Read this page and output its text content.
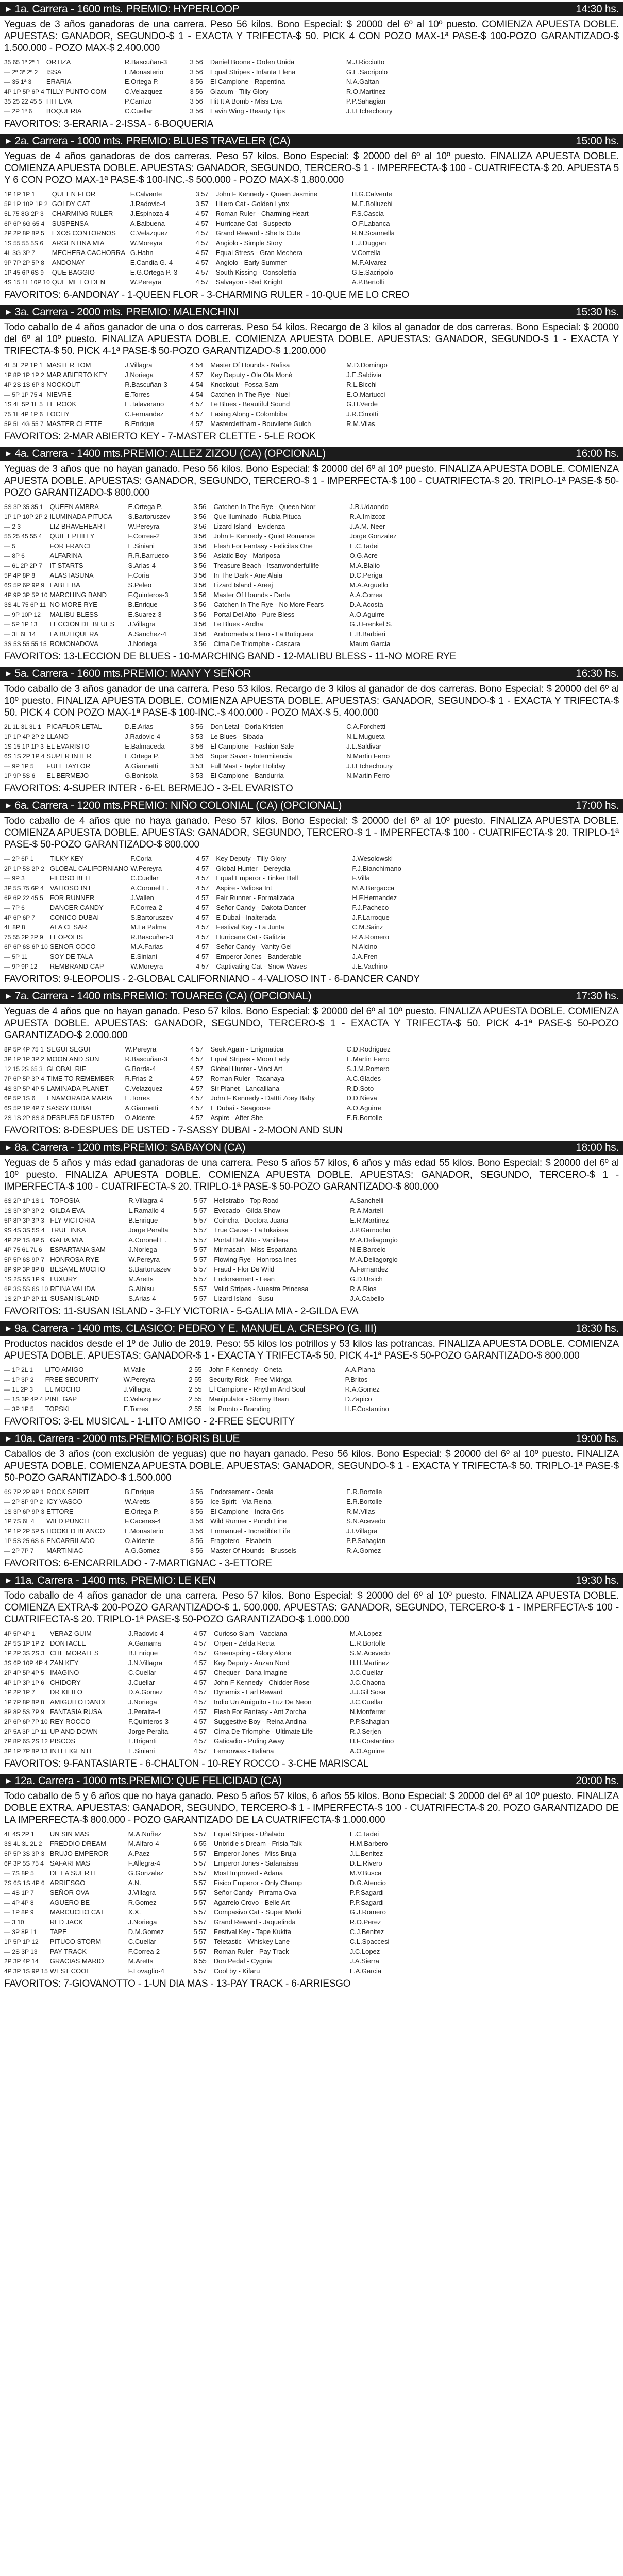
► 1a. Carrera - 1600 mts. PREMIO: HYPERLOOP	14:30 hs.

Yeguas de 3 años ganadoras de una carrera. Peso 56 kilos. Bono Especial: $ 20000 del 6º al 10º puesto. COMIENZA APUESTA DOBLE. APUESTAS: GANADOR, SEGUNDO-$ 1 - EXACTA Y TRIFECTA-$ 50. PICK 4 CON POZO MAX-1ª PASE-$ 100-POZO GARANTIZADO-$ 1.500.000 - POZO MAX-$ 2.400.000

35 65 1ª 2ª 1	ORTIZA	R.Bascuñan-3	3 56	Daniel Boone - Orden Unida	M.J.Ricciutto
— 2ª 3ª 2ª 2	ISSA	L.Monasterio	3 56	Equal Stripes - Infanta Elena	G.E.Sacripolo
— 35 1ª 3	ERARIA	E.Ortega P.	3 56	El Campione - Rapentina	N.A.Galtan
4P 1P 5P 6P 4	TILLY PUNTO COM	C.Velazquez	3 56	Giacum - Tilly Glory	R.O.Martinez
35 25 22 45 5	HIT EVA	P.Carrizo	3 56	Hit It A Bomb - Miss Eva	P.P.Sahagian
— 2P 1ª 6	BOQUERIA	C.Cuellar	3 56	Eavin Wing - Beauty Tips	J.I.Etchechoury
FAVORITOS: 3-ERARIA - 2-ISSA - 6-BOQUERIA
► 2a. Carrera - 1000 mts. PREMIO: BLUES TRAVELER (CA)	15:00 hs.

Yeguas de 4 años ganadoras de dos carreras. Peso 57 kilos. Bono Especial: $ 20000 del 6º al 10º puesto. FINALIZA APUESTA DOBLE. COMIENZA APUESTA DOBLE. APUESTAS: GANADOR, SEGUNDO, TERCERO-$ 1 - IMPERFECTA-$ 100 - CUATRIFECTA-$ 20. APUESTA 5 Y 6 CON POZO MAX-1ª PASE-$ 100-INC.-$ 500.000 - POZO MAX-$ 1.800.000

1P 1P 1P 1	QUEEN FLOR	F.Calvente	3 57	John F Kennedy - Queen Jasmine	H.G.Calvente
5P 1P 10P 1P 2	GOLDY CAT	J.Radovic-4	3 57	Hilero Cat - Golden Lynx	M.E.Bolluzchi
5L 75 8G 2P 3	CHARMING RULER	J.Espinoza-4	4 57	Roman Ruler - Charming Heart	F.S.Cascia
6P 6P 6G 65 4	SUSPENSA	A.Balbuena	4 57	Hurricane Cat - Suspecto	O.F.Labanca
2P 2P 8P 8P 5	EXOS CONTORNOS	C.Velazquez	4 57	Grand Reward - She Is Cute	R.N.Scannella
1S 55 55 5S 6	ARGENTINA MIA	W.Moreyra	4 57	Angiolo - Simple Story	L.J.Duggan
4L 3G 3P 7	MECHERA CACHORRA	G.Hahn	4 57	Equal Stress - Gran Mechera	V.Cortella
9P 7P 2P 5P 8	ANDONAY	E.Candia G.-4	4 57	Angiolo - Early Summer	M.F.Alvarez
1P 45 6P 6S 9	QUE BAGGIO	E.G.Ortega P.-3	4 57	South Kissing - Consolettia	G.E.Sacripolo
4S 15 1L 10P 10	QUE ME LO DEN	W.Pereyra	4 57	Salvayon - Red Knight	A.P.Bertolli
FAVORITOS: 6-ANDONAY - 1-QUEEN FLOR - 3-CHARMING RULER - 10-QUE ME LO CREO
► 3a. Carrera - 2000 mts. PREMIO: MALENCHINI	15:30 hs.

Todo caballo de 4 años ganador de una o dos carreras. Peso 54 kilos. Recargo de 3 kilos al ganador de dos carreras. Bono Especial: $ 20000 del 6º al 10º puesto. FINALIZA APUESTA DOBLE. COMIENZA APUESTA DOBLE. APUESTAS: GANADOR, SEGUNDO-$ 1 - EXACTA Y TRIFECTA-$ 50. PICK 4-1ª PASE-$ 50-POZO GARANTIZADO-$ 1.200.000

4L 5L 2P 1P 1	MASTER TOM	J.Villagra	4 54	Master Of Hounds - Nafisa	M.D.Domingo
1P 8P 1P 1P 2	MAR ABIERTO KEY	J.Noriega	4 57	Key Deputy - Ola Ola Moné	J.E.Saldivia
4P 2S 1S 6P 3	NOCKOUT	R.Bascuñan-3	4 54	Knockout - Fossa Sam	R.L.Bicchi
— 5P 1P 75 4	NIEVRE	E.Torres	4 54	Catchen In The Rye - Nuel	E.O.Martucci
1S 4L 5P 1L 5	LE ROOK	E.Talaverano	4 57	Le Blues - Beautiful Sound	G.H.Verde
75 1L 4P 1P 6	LOCHY	C.Fernandez	4 57	Easing Along - Colombiba	J.R.Cirrotti
5P 5L 4G 55 7	MASTER CLETTE	B.Enrique	4 57	Masterclettham - Bouvilette Gulch	R.M.Vilas
FAVORITOS: 2-MAR ABIERTO KEY - 7-MASTER CLETTE - 5-LE ROOK
► 4a. Carrera - 1400 mts.PREMIO: ALLEZ ZIZOU (CA) (OPCIONAL)	16:00 hs.

Yeguas de 3 años que no hayan ganado. Peso 56 kilos. Bono Especial: $ 20000 del 6º al 10º puesto. FINALIZA APUESTA DOBLE. COMIENZA APUESTA DOBLE. APUESTAS: GANADOR, SEGUNDO, TERCERO-$ 1 - IMPERFECTA-$ 100 - CUATRIFECTA-$ 20. TRIPLO-1ª PASE-$ 50-POZO GARANTIZADO-$ 800.000

5S 3P 35 35 1	QUEEN AMBRA	E.Ortega P.	3 56	Catchen In The Rye - Queen Noor	J.B.Udaondo
1P 1P 10P 2P 2	ILUMINADA PITUCA	S.Bartoruszev	3 56	Que Iluminado - Rubia Pituca	R.A.Imizcoz
— 2 3	LIZ BRAVEHEART	W.Pereyra	3 56	Lizard Island - Evidenza	J.A.M. Neer
55 25 45 55 4	QUIET PHILLY	F.Correa-2	3 56	John F Kennedy - Quiet Romance	Jorge Gonzalez
— 5	FOR FRANCE	E.Siniani	3 56	Flesh For Fantasy - Felicitas One	E.C.Tadei
— 8P 6	ALFARINA	R.R.Barrueco	3 56	Asiatic Boy - Mariposa	O.G.Acre
— 6L 2P 2P 7	IT STARTS	S.Arias-4	3 56	Treasure Beach - Itsanwonderfullife	M.A.Blalio
5P 4P 8P 8	ALASTASUNA	F.Coria	3 56	In The Dark - Ane Alaia	D.C.Periga
6S 5P 6P 9P 9	LABEEBA	S.Peleo	3 56	Lizard Island - Areej	M.A.Arguello
4P 9P 3P 5P 10	MARCHING BAND	F.Quinteros-3	3 56	Master Of Hounds - Darla	A.A.Correa
3S 4L 75 6P 11	NO MORE RYE	B.Enrique	3 56	Catchen In The Rye - No More Fears	D.A.Acosta
— 9P 10P 12	MALIBU BLESS	E.Suarez-3	3 56	Portal Del Alto - Pure Bless	A.O.Aguirre
— 5P 1P 13	LECCION DE BLUES	J.Villagra	3 56	Le Blues - Ardha	G.J.Frenkel S.
— 3L 6L 14	LA BUTIQUERA	A.Sanchez-4	3 56	Andromeda s Hero - La Butiquera	E.B.Barbieri
3S 5S 55 55 15	ROMONADOVA	J.Noriega	3 56	Cima De Triomphe - Cascara	Mauro Garcia
FAVORITOS: 13-LECCION DE BLUES - 10-MARCHING BAND - 12-MALIBU BLESS - 11-NO MORE RYE
► 5a. Carrera - 1600 mts.PREMIO: MANY Y SEÑOR	16:30 hs.

Todo caballo de 3 años ganador de una carrera. Peso 53 kilos. Recargo de 3 kilos al ganador de dos carreras. Bono Especial: $ 20000 del 6º al 10º puesto. FINALIZA APUESTA DOBLE. COMIENZA APUESTA DOBLE. APUESTAS: GANADOR, SEGUNDO-$ 1 - EXACTA Y TRIFECTA-$ 50. PICK 4 CON POZO MAX-1ª PASE-$ 100-INC.-$ 400.000 - POZO MAX-$ 5. 400.000

2L 1L 3L 3L 1	PICAFLOR LETAL	D.E.Arias	3 56	Don Letal - Dorla Kristen	C.A.Forchetti
1P 1P 4P 2P 2	LLANO	J.Radovic-4	3 53	Le Blues - Sibada	N.L.Mugueta
1S 15 1P 1P 3	EL EVARISTO	E.Balmaceda	3 56	El Campione - Fashion Sale	J.L.Saldivar
6S 1S 2P 1P 4	SUPER INTER	E.Ortega P.	3 56	Super Saver - Intermitencia	N.Martin Ferro
— 9P 1P 5	FULL TAYLOR	A.Giannetti	3 53	Full Mast - Taylor Holiday	J.I.Etchechoury
1P 9P 5S 6	EL BERMEJO	G.Bonisola	3 53	El Campione - Bandurria	N.Martin Ferro
FAVORITOS: 4-SUPER INTER - 6-EL BERMEJO - 3-EL EVARISTO
► 6a. Carrera - 1200 mts.PREMIO: NIÑO COLONIAL (CA) (OPCIONAL)	17:00 hs.

Todo caballo de 4 años que no haya ganado. Peso 57 kilos. Bono Especial: $ 20000 del 6º al 10º puesto. FINALIZA APUESTA DOBLE. COMIENZA APUESTA DOBLE. APUESTAS: GANADOR, SEGUNDO, TERCERO-$ 1 - IMPERFECTA-$ 100 - CUATRIFECTA-$ 20. TRIPLO-1ª PASE-$ 50-POZO GARANTIZADO-$ 800.000

— 2P 6P 1	TILKY KEY	F.Coria	4 57	Key Deputy - Tilly Glory	J.Wesolowski
2P 1P 5S 2P 2	GLOBAL CALIFORNIANO	W.Pereyra	4 57	Global Hunter - Dereydia	F.J.Bianchimano
— 9P 3	FILOSO BELL	C.Cuellar	4 57	Equal Emperor - Tinker Bell	F.Villa
3P 5S 75 6P 4	VALIOSO INT	A.Coronel E.	4 57	Aspire - Valiosa Int	M.A.Bergacca
6P 6P 22 45 5	FOR RUNNER	J.Vallen	4 57	Fair Runner - Formalizada	H.F.Hernandez
— 7P 6	DANCER CANDY	F.Correa-2	4 57	Señor Candy - Dakota Dancer	F.J.Pacheco
4P 6P 6P 7	CONICO DUBAI	S.Bartoruszev	4 57	E Dubai - Inalterada	J.F.Larroque
4L 8P 8	ALA CESAR	M.La Palma	4 57	Festival Key - La Junta	C.M.Sainz
75 55 2P 2P 9	LEOPOLIS	R.Bascuñan-3	4 57	Hurricane Cat - Galitzia	R.A.Romero
6P 6P 6S 6P 10	SENOR COCO	M.A.Farias	4 57	Señor Candy - Vanity Gel	N.Alcino
— 5P 11	SOY DE TALA	E.Siniani	4 57	Emperor Jones - Banderable	J.A.Fren
— 9P 9P 12	REMBRAND CAP	W.Moreyra	4 57	Captivating Cat - Snow Waves	J.E.Vachino
FAVORITOS: 9-LEOPOLIS - 2-GLOBAL CALIFORNIANO - 4-VALIOSO INT - 6-DANCER CANDY
► 7a. Carrera - 1400 mts.PREMIO: TOUAREG (CA) (OPCIONAL)	17:30 hs.

Yeguas de 4 años que no hayan ganado. Peso 57 kilos. Bono Especial: $ 20000 del 6º al 10º puesto. FINALIZA APUESTA DOBLE. COMIENZA APUESTA DOBLE. APUESTAS: GANADOR, SEGUNDO, TERCERO-$ 1 - EXACTA Y TRIFECTA-$ 50. PICK 4-1ª PASE-$ 50-POZO GARANTIZADO-$ 2.000.000

8P 5P 4P 75 1	SEGUI SEGUI	W.Pereyra	4 57	Seek Again - Enigmatica	C.D.Rodriguez
3P 1P 1P 3P 2	MOON AND SUN	R.Bascuñan-3	4 57	Equal Stripes - Moon Lady	E.Martin Ferro
12 15 2S 65 3	GLOBAL RIF	G.Borda-4	4 57	Global Hunter - Vinci Art	S.J.M.Romero
7P 6P 5P 3P 4	TIME TO REMEMBER	R.Frias-2	4 57	Roman Ruler - Tacanaya	A.C.Glades
4S 3P 5P 4P 5	LAMINADA PLANET	C.Velazquez	4 57	Sir Planet - Lancalliana	R.D.Soto
6P 5P 1S 6	ENAMORADA MARIA	E.Torres	4 57	John F Kennedy - Dattti Zoey Baby	D.D.Nieva
6S 5P 1P 4P 7	SASSY DUBAI	A.Giannetti	4 57	E Dubai - Seagoose	A.O.Aguirre
2S 1S 2P 8S 8	DESPUES DE USTED	O.Aldente	4 57	Aspire - After She	E.R.Bortolle
FAVORITOS: 8-DESPUES DE USTED - 7-SASSY DUBAI - 2-MOON AND SUN
► 8a. Carrera - 1200 mts.PREMIO: SABAYON (CA)	18:00 hs.

Yeguas de 5 años y más edad ganadoras de una carrera. Peso 5 años 57 kilos, 6 años y más edad 55 kilos. Bono Especial: $ 20000 del 6º al 10º puesto. FINALIZA APUESTA DOBLE. COMIENZA APUESTA DOBLE. APUESTAS: GANADOR, SEGUNDO, TERCERO-$ 1 - IMPERFECTA-$ 100 - CUATRIFECTA-$ 20. TRIPLO-1ª PASE-$ 50-POZO GARANTIZADO-$ 800.000

6S 2P 1P 1S 1	TOPOSIA	R.Villagra-4	5 57	Hellstrabo - Top Road	A.Sanchelli
1S 3P 3P 3P 2	GILDA EVA	L.Ramallo-4	5 57	Evocado - Gilda Show	R.A.Martell
5P 8P 3P 3P 3	FLY VICTORIA	B.Enrique	5 57	Coincha - Doctora Juana	E.R.Martinez
9S 4S 3S 5S 4	TRUE INKA	Jorge Peralta	5 57	True Cause - La Inkaissa	J.P.Garnocho
4P 2P 1S 4P 5	GALIA MIA	A.Coronel E.	5 57	Portal Del Alto - Vanillera	M.A.Deliagorgio
4P 75 6L 7L 6	ESPARTANA SAM	J.Noriega	5 57	Mirmasain - Miss Espartana	N.E.Barcelo
5P 5P 6S 9P 7	HONROSA RYE	W.Pereyra	5 57	Flowing Rye - Honrosa Ines	M.A.Deliagorgio
8P 9P 3P 8P 8	BESAME MUCHO	S.Bartoruszev	5 57	Fraud - Flor De Wild	A.Fernandez
1S 2S 5S 1P 9	LUXURY	M.Aretts	5 57	Endorsement - Lean	G.D.Ursich
6P 3S 5S 6S 10	REINA VALIDA	G.Albisu	5 57	Valid Stripes - Nuestra Princesa	R.A.Rios
1S 2P 1P 2P 11	SUSAN ISLAND	S.Arias-4	5 57	Lizard Island - Susu	J.A.Cabello
FAVORITOS: 11-SUSAN ISLAND - 3-FLY VICTORIA - 5-GALIA MIA - 2-GILDA EVA
► 9a. Carrera - 1400 mts. CLASICO: PEDRO Y E. MANUEL A. CRESPO (G. III)	18:30 hs.

Productos nacidos desde el 1º de Julio de 2019. Peso: 55 kilos los potrillos y 53 kilos las potrancas. FINALIZA APUESTA DOBLE. COMIENZA APUESTA DOBLE. APUESTAS: GANADOR-$ 1 - EXACTA Y TRIFECTA-$ 50. PICK 4-1ª PASE-$ 50-POZO GARANTIZADO-$ 800.000

— 1P 2L 1	LITO AMIGO	M.Valle	2 55	John F Kennedy - Oneta	A.A.Plana
— 1P 3P 2	FREE SECURITY	W.Pereyra	2 55	Security Risk - Free Vikinga	P.Britos
— 1L 2P 3	EL MOCHO	J.Villagra	2 55	El Campione - Rhythm And Soul	R.A.Gomez
— 1S 3P 4P 4	PINE GAP	C.Velazquez	2 55	Manipulator - Stormy Bean	D.Zapico
— 3P 1P 5	TOPSKI	E.Torres	2 55	Ist Pronto - Branding	H.F.Costantino
FAVORITOS: 3-EL MUSICAL - 1-LITO AMIGO - 2-FREE SECURITY
► 10a. Carrera - 2000 mts.PREMIO: BORIS BLUE	19:00 hs.

Caballos de 3 años (con exclusión de yeguas) que no hayan ganado. Peso 56 kilos. Bono Especial: $ 20000 del 6º al 10º puesto. FINALIZA APUESTA DOBLE. COMIENZA APUESTA DOBLE. APUESTAS: GANADOR, SEGUNDO-$ 1 - EXACTA Y TRIFECTA-$ 50. TRIPLO-1ª PASE-$ 50-POZO GARANTIZADO-$ 1.500.000

6S 7P 2P 9P 1	ROCK SPIRIT	B.Enrique	3 56	Endorsement - Ocala	E.R.Bortolle
— 2P 8P 9P 2	ICY VASCO	W.Aretts	3 56	Ice Spirit - Via Reina	E.R.Bortolle
1S 3P 6P 9P 3	ETTORE	E.Ortega P.	3 56	El Campione - Indra Gris	R.M.Vilas
1P 7S 6L 4	WILD PUNCH	F.Caceres-4	3 56	Wild Runner - Punch Line	S.N.Acevedo
1P 1P 2P 5P 5	HOOKED BLANCO	L.Monasterio	3 56	Emmanuel - Incredible Life	J.I.Villagra
1P 5S 25 6S 6	ENCARRILADO	O.Aldente	3 56	Fragotero - Elsabeta	P.P.Sahagian
— 2P 7P 7	MARTINIAC	A.G.Gomez	3 56	Master Of Hounds - Brussels	R.A.Gomez
FAVORITOS: 6-ENCARRILADO - 7-MARTIGNAC - 3-ETTORE
► 11a. Carrera - 1400 mts. PREMIO: LE KEN	19:30 hs.

Todo caballo de 4 años ganador de una carrera. Peso 57 kilos. Bono Especial: $ 20000 del 6º al 10º puesto. FINALIZA APUESTA DOBLE. COMIENZA EXTRA-$ 200-POZO GARANTIZADO-$ 1. 500.000. APUESTAS: GANADOR, SEGUNDO, TERCERO-$ 1 - IMPERFECTA-$ 100 - CUATRIFECTA-$ 20. TRIPLO-1ª PASE-$ 50-POZO GARANTIZADO-$ 1.000.000

4P 5P 4P 1	VERAZ GUIM	J.Radovic-4	4 57	Curioso Slam - Vacciana	M.A.Lopez
2P 5S 1P 1P 2	DONTACLE	A.Gamarra	4 57	Orpen - Zelda Recta	E.R.Bortolle
1P 2P 3S 2S 3	CHE MORALES	B.Enrique	4 57	Greenspring - Glory Alone	S.M.Acevedo
3S 6P 10P 4P 4	ZAN KEY	J.N.Villagra	4 57	Key Deputy - Anzan Nord	H.H.Martinez
2P 4P 5P 4P 5	IMAGINO	C.Cuellar	4 57	Chequer - Dana Imagine	J.C.Cuellar
4P 1P 3P 1P 6	CHIDORY	J.Cuellar	4 57	John F Kennedy - Chidder Rose	J.C.Chaona
1P 2P 1P 7	DR KILILO	D.A.Gomez	4 57	Dynamix - Earl Reward	J.J.Gil Sosa
1P 7P 8P 8P 8	AMIGUITO DANDI	J.Noriega	4 57	Indio Un Amiguito - Luz De Neon	J.C.Cuellar
8P 8P 5S 7P 9	FANTASIA RUSA	J.Peralta-4	4 57	Flesh For Fantasy - Ant Zorcha	N.Monferrer
2P 6P 6P 7P 10	REY ROCCO	F.Quinteros-3	4 57	Suggestive Boy - Reina Andina	P.P.Sahagian
2P 5A 3P 1P 11	UP AND DOWN	Jorge Peralta	4 57	Cima De Triomphe - Ultimate Life	R.J.Serjen
7P 8P 6S 2S 12	PISCOS	L.Briganti	4 57	Gaticadio - Puling Away	H.F.Costantino
3P 1P 7P 8P 13	INTELIGENTE	E.Siniani	4 57	Lemonwax - Italiana	A.O.Aguirre
FAVORITOS: 9-FANTASIARTE - 6-CHALTON - 10-REY ROCCO - 3-CHE MARISCAL
► 12a. Carrera - 1000 mts.PREMIO: QUE FELICIDAD (CA)	20:00 hs.

Todo caballo de 5 y 6 años que no haya ganado. Peso 5 años 57 kilos, 6 años 55 kilos. Bono Especial: $ 20000 del 6º al 10º puesto. FINALIZA DOBLE EXTRA. APUESTAS: GANADOR, SEGUNDO, TERCERO-$ 1 - IMPERFECTA-$ 100 - CUATRIFECTA-$ 20. POZO GARANTIZADO DE LA IMPERFECTA-$ 800.000 - POZO GARANTIZADO DE LA CUATRIFECTA-$ 1.000.000

4L 4S 2P 1	UN SIN MAS	M.A.Nuñez	5 57	Equal Stripes - Uñalado	E.C.Tadei
3S 4L 3L 2L 2	FREDDIO DREAM	M.Alfaro-4	6 55	Unbridle s Dream - Frisia Talk	H.M.Barbero
5P 5P 3S 3P 3	BRUJO EMPEROR	A.Paez	5 57	Emperor Jones - Miss Bruja	J.L.Benitez
6P 3P 5S 75 4	SAFARI MAS	F.Allegra-4	5 57	Emperor Jones - Safanaissa	D.E.Rivero
— 7S 8P 5	DE LA SUERTE	G.Gonzalez	5 57	Most Improved - Adana	M.V.Busca
7S 6S 1S 4P 6	ARRIESGO	A.N.	5 57	Fisico Emperor - Only Champ	D.G.Atencio
— 4S 1P 7	SEÑOR OVA	J.Villagra	5 57	Señor Candy - Pirrama Ova	P.P.Sagardi
— 4P 4P 8	AGUERO BE	R.Gomez	5 57	Agarrelo Crovo - Belle Art	P.P.Sagardi
— 1P 8P 9	MARCUCHO CAT	X.X.	5 57	Compasivo Cat - Super Marki	G.J.Romero
— 3 10	RED JACK	J.Noriega	5 57	Grand Reward - Jaquelinda	R.O.Perez
— 3P 8P 11	TAPE	D.M.Gomez	5 57	Festival Key - Tape Kukita	C.J.Benitez
1P 5P 1P 12	PITUCO STORM	C.Cuellar	5 57	Teletastic - Whiskey Lane	C.L.Spaccesi
— 2S 3P 13	PAY TRACK	F.Correa-2	5 57	Roman Ruler - Pay Track	J.C.Lopez
2P 3P 4P 14	GRACIAS MARIO	M.Aretts	6 55	Don Pedal - Cygnia	J.A.Sierra
4P 3P 1S 9P 15	WEST COOL	F.Lovaglio-4	5 57	Cool by - Kifaru	L.A.Garcia
FAVORITOS: 7-GIOVANOTTO - 1-UN DIA MAS - 13-PAY TRACK - 6-ARRIESGO
